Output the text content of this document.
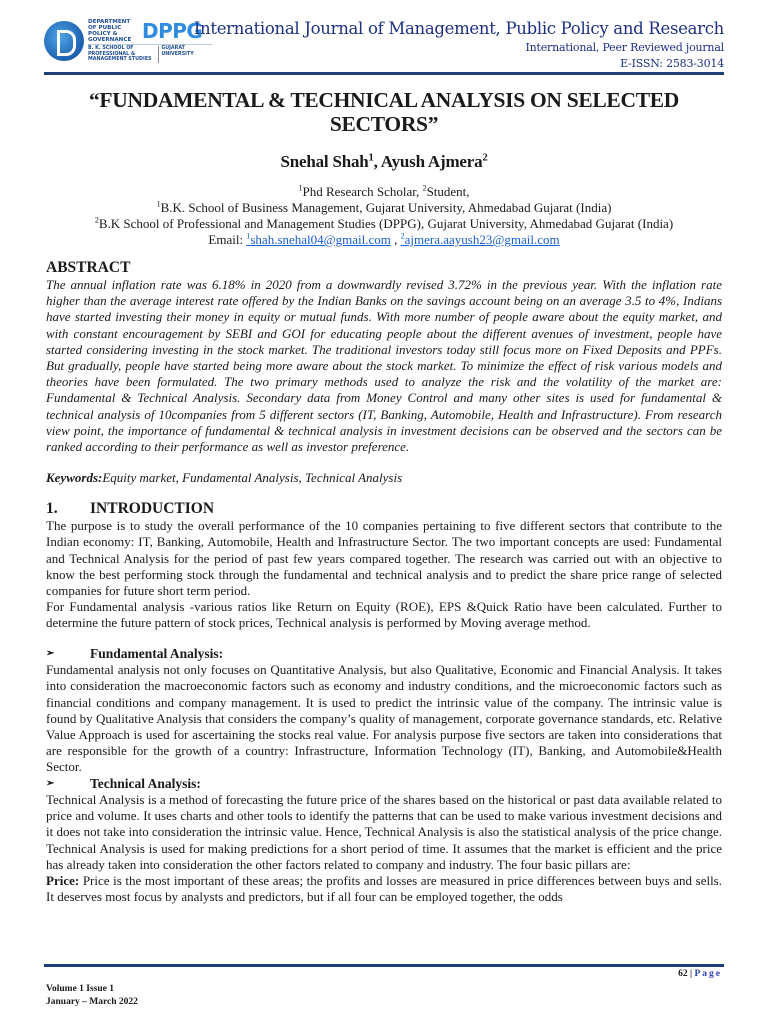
DEPARTMENT OF PUBLIC POLICY & GOVERNANCE DPPG
B. K. SCHOOL OF PROFESSIONAL & MANAGEMENT STUDIES
GUJARAT UNIVERSITY
International Journal of Management, Public Policy and Research
International, Peer Reviewed journal
E-ISSN: 2583-3014
“FUNDAMENTAL & TECHNICAL ANALYSIS ON SELECTED SECTORS”
Snehal Shah$^1$, Ayush Ajmera$^2$
$^1$Phd Research Scholar, $^2$Student,
$^1$B.K. School of Business Management, Gujarat University, Ahmedabad Gujarat (India)
$^2$B.K School of Professional and Management Studies (DPPG), Gujarat University, Ahmedabad Gujarat (India)
Email: $^1$shah.snehal04@gmail.com , $^2$ajmera.aayush23@gmail.com
ABSTRACT

The annual inflation rate was 6.18% in 2020 from a downwardly revised 3.72% in the previous year. With the inflation rate higher than the average interest rate offered by the Indian Banks on the savings account being on an average 3.5 to 4%, Indians have started investing their money in equity or mutual funds. With more number of people aware about the equity market, and with constant encouragement by SEBI and GOI for educating people about the different avenues of investment, people have started considering investing in the stock market. The traditional investors today still focus more on Fixed Deposits and PPFs. But gradually, people have started being more aware about the stock market. To minimize the effect of risk various models and theories have been formulated. The two primary methods used to analyze the risk and the volatility of the market are: Fundamental & Technical Analysis. Secondary data from Money Control and many other sites is used for fundamental & technical analysis of 10companies from 5 different sectors (IT, Banking, Automobile, Health and Infrastructure). From research view point, the importance of fundamental & technical analysis in investment decisions can be observed and the sectors can be ranked according to their performance as well as investor preference.

Keywords:Equity market, Fundamental Analysis, Technical Analysis
1.	INTRODUCTION

The purpose is to study the overall performance of the 10 companies pertaining to five different sectors that contribute to the Indian economy: IT, Banking, Automobile, Health and Infrastructure Sector. The two important concepts are used: Fundamental and Technical Analysis for the period of past few years compared together. The research was carried out with an objective to know the best performing stock through the fundamental and technical analysis and to predict the share price range of selected companies for future short term period.

For Fundamental analysis -various ratios like Return on Equity (ROE), EPS &Quick Ratio have been calculated. Further to determine the future pattern of stock prices, Technical analysis is performed by Moving average method.

➢	Fundamental Analysis:

Fundamental analysis not only focuses on Quantitative Analysis, but also Qualitative, Economic and Financial Analysis. It takes into consideration the macroeconomic factors such as economy and industry conditions, and the microeconomic factors such as financial conditions and company management. It is used to predict the intrinsic value of the company. The intrinsic value is found by Qualitative Analysis that considers the company’s quality of management, corporate governance standards, etc. Relative Value Approach is used for ascertaining the stocks real value. For analysis purpose five sectors are taken into considerations that are responsible for the growth of a country: Infrastructure, Information Technology (IT), Banking, and Automobile&Health Sector.

➢	Technical Analysis:

Technical Analysis is a method of forecasting the future price of the shares based on the historical or past data available related to price and volume. It uses charts and other tools to identify the patterns that can be used to make various investment decisions and it does not take into consideration the intrinsic value. Hence, Technical Analysis is also the statistical analysis of the price change. Technical Analysis is used for making predictions for a short period of time. It assumes that the market is efficient and the price has already taken into consideration the other factors related to company and industry. The four basic pillars are:

Price: Price is the most important of these areas; the profits and losses are measured in price differences between buys and sells. It deserves most focus by analysts and predictors, but if all four can be employed together, the odds

62 | Page
Volume 1 Issue 1
January – March 2022
